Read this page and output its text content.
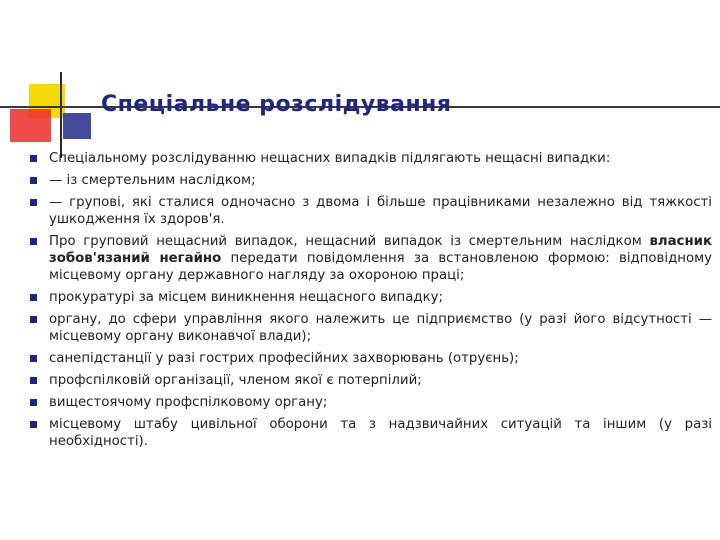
Спеціальне розслідування
Спеціальному розслідуванню нещасних випадків підлягають нещасні випадки:
— із смертельним наслідком;
— групові, які сталися одночасно з двома і більше працівниками незалежно від тяжкості ушкодження їх здоров'я.
Про груповий нещасний випадок, нещасний випадок із смертельним наслідком власник зобов'язаний негайно передати повідомлення за встановленою формою: відповідному місцевому органу державного нагляду за охороною праці;
прокуратурі за місцем виникнення нещасного випадку;
органу, до сфери управління якого належить це підприємство (у разі його відсутності — місцевому органу виконавчої влади);
санепідстанції у разі гострих професійних захворювань (отруєнь);
профспілковій організації, членом якої є потерпілий;
вищестоячому профспілковому органу;
місцевому штабу цивільної оборони та з надзвичайних ситуацій та іншим (у разі необхідності).
